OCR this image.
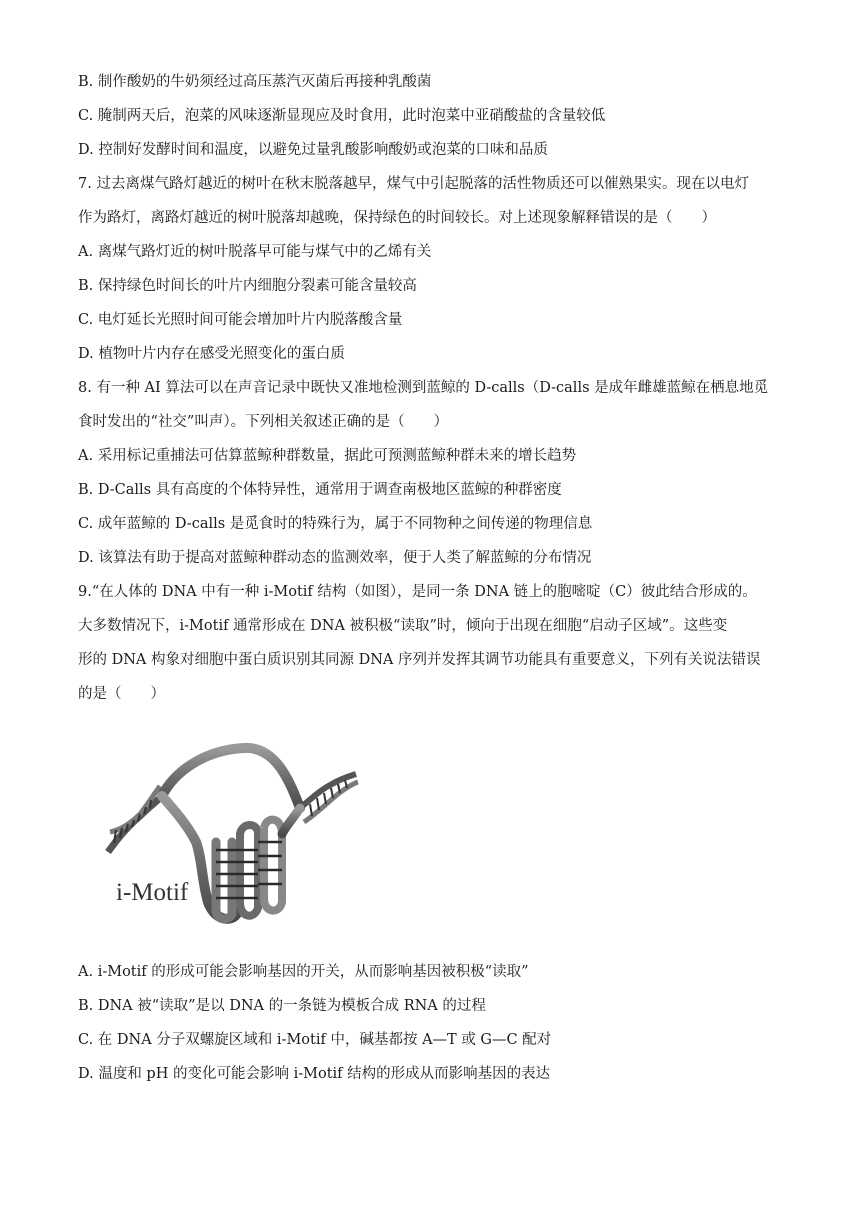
B. 制作酸奶的牛奶须经过高压蒸汽灭菌后再接种乳酸菌
C. 腌制两天后，泡菜的风味逐渐显现应及时食用，此时泡菜中亚硝酸盐的含量较低
D. 控制好发酵时间和温度，以避免过量乳酸影响酸奶或泡菜的口味和品质
7. 过去离煤气路灯越近的树叶在秋末脱落越早，煤气中引起脱落的活性物质还可以催熟果实。现在以电灯
作为路灯，离路灯越近的树叶脱落却越晚，保持绿色的时间较长。对上述现象解释错误的是（　　）
A. 离煤气路灯近的树叶脱落早可能与煤气中的乙烯有关
B. 保持绿色时间长的叶片内细胞分裂素可能含量较高
C. 电灯延长光照时间可能会增加叶片内脱落酸含量
D. 植物叶片内存在感受光照变化的蛋白质
8. 有一种 AI 算法可以在声音记录中既快又准地检测到蓝鲸的 D-calls（D-calls 是成年雌雄蓝鲸在栖息地觅
食时发出的“社交”叫声）。下列相关叙述正确的是（　　）
A. 采用标记重捕法可估算蓝鲸种群数量，据此可预测蓝鲸种群未来的增长趋势
B. D-Calls 具有高度的个体特异性，通常用于调查南极地区蓝鲸的种群密度
C. 成年蓝鲸的 D-calls 是觅食时的特殊行为，属于不同物种之间传递的物理信息
D. 该算法有助于提高对蓝鲸种群动态的监测效率，便于人类了解蓝鲸的分布情况
9.“在人体的 DNA 中有一种 i-Motif 结构（如图），是同一条 DNA 链上的胞嘧啶（C）彼此结合形成的。
大多数情况下，i-Motif 通常形成在 DNA 被积极“读取”时，倾向于出现在细胞“启动子区域”。这些变
形的 DNA 构象对细胞中蛋白质识别其同源 DNA 序列并发挥其调节功能具有重要意义，下列有关说法错误
的是（　　）
i-Motif
A. i-Motif 的形成可能会影响基因的开关，从而影响基因被积极“读取”
B. DNA 被“读取”是以 DNA 的一条链为模板合成 RNA 的过程
C. 在 DNA 分子双螺旋区域和 i-Motif 中，碱基都按 A—T 或 G—C 配对
D. 温度和 pH 的变化可能会影响 i-Motif 结构的形成从而影响基因的表达
